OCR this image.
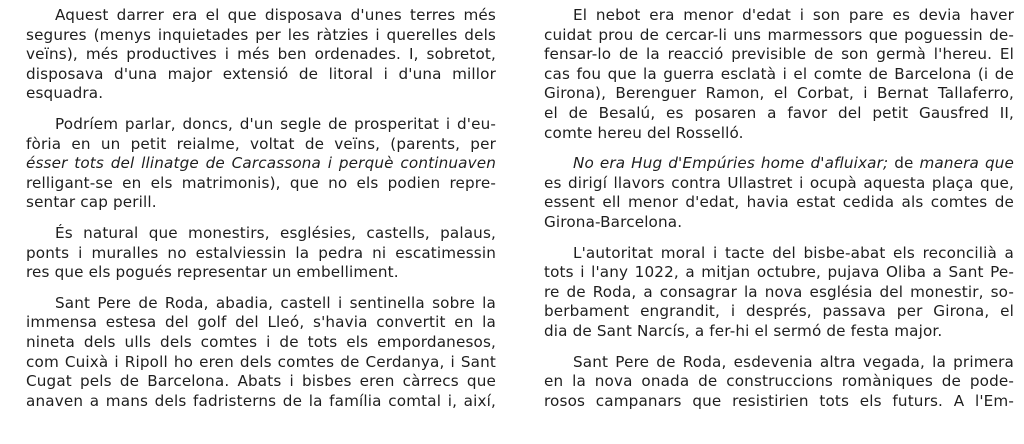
Aquest darrer era el que disposava d'unes terres més
segures (menys inquietades per les ràtzies i querelles dels
veïns), més productives i més ben ordenades. I, sobretot,
disposava d'una major extensió de litoral i d'una millor
esquadra.

Podríem parlar, doncs, d'un segle de prosperitat i d'eu-
fòria en un petit reialme, voltat de veïns, (parents, per
ésser tots del llinatge de Carcassona i perquè continuaven
relligant-se en els matrimonis), que no els podien repre-
sentar cap perill.

És natural que monestirs, esglésies, castells, palaus,
ponts i muralles no estalviessin la pedra ni escatimessin
res que els pogués representar un embelliment.

Sant Pere de Roda, abadia, castell i sentinella sobre la
immensa estesa del golf del Lleó, s'havia convertit en la
nineta dels ulls dels comtes i de tots els empordanesos,
com Cuixà i Ripoll ho eren dels comtes de Cerdanya, i Sant
Cugat pels de Barcelona. Abats i bisbes eren càrrecs que
anaven a mans dels fadristerns de la família comtal i, així,

El nebot era menor d'edat i son pare es devia haver
cuidat prou de cercar-li uns marmessors que poguessin de-
fensar-lo de la reacció previsible de son germà l'hereu. El
cas fou que la guerra esclatà i el comte de Barcelona (i de
Girona), Berenguer Ramon, el Corbat, i Bernat Tallaferro,
el de Besalú, es posaren a favor del petit Gausfred II,
comte hereu del Rosselló.

No era Hug d'Empúries home d'afluixar; de manera que
es dirigí llavors contra Ullastret i ocupà aquesta plaça que,
essent ell menor d'edat, havia estat cedida als comtes de
Girona-Barcelona.

L'autoritat moral i tacte del bisbe-abat els reconcilià a
tots i l'any 1022, a mitjan octubre, pujava Oliba a Sant Pe-
re de Roda, a consagrar la nova església del monestir, so-
berbament engrandit, i després, passava per Girona, el
dia de Sant Narcís, a fer-hi el sermó de festa major.

Sant Pere de Roda, esdevenia altra vegada, la primera
en la nova onada de construccions romàniques de pode-
rosos campanars que resistirien tots els futurs. A l'Em-
